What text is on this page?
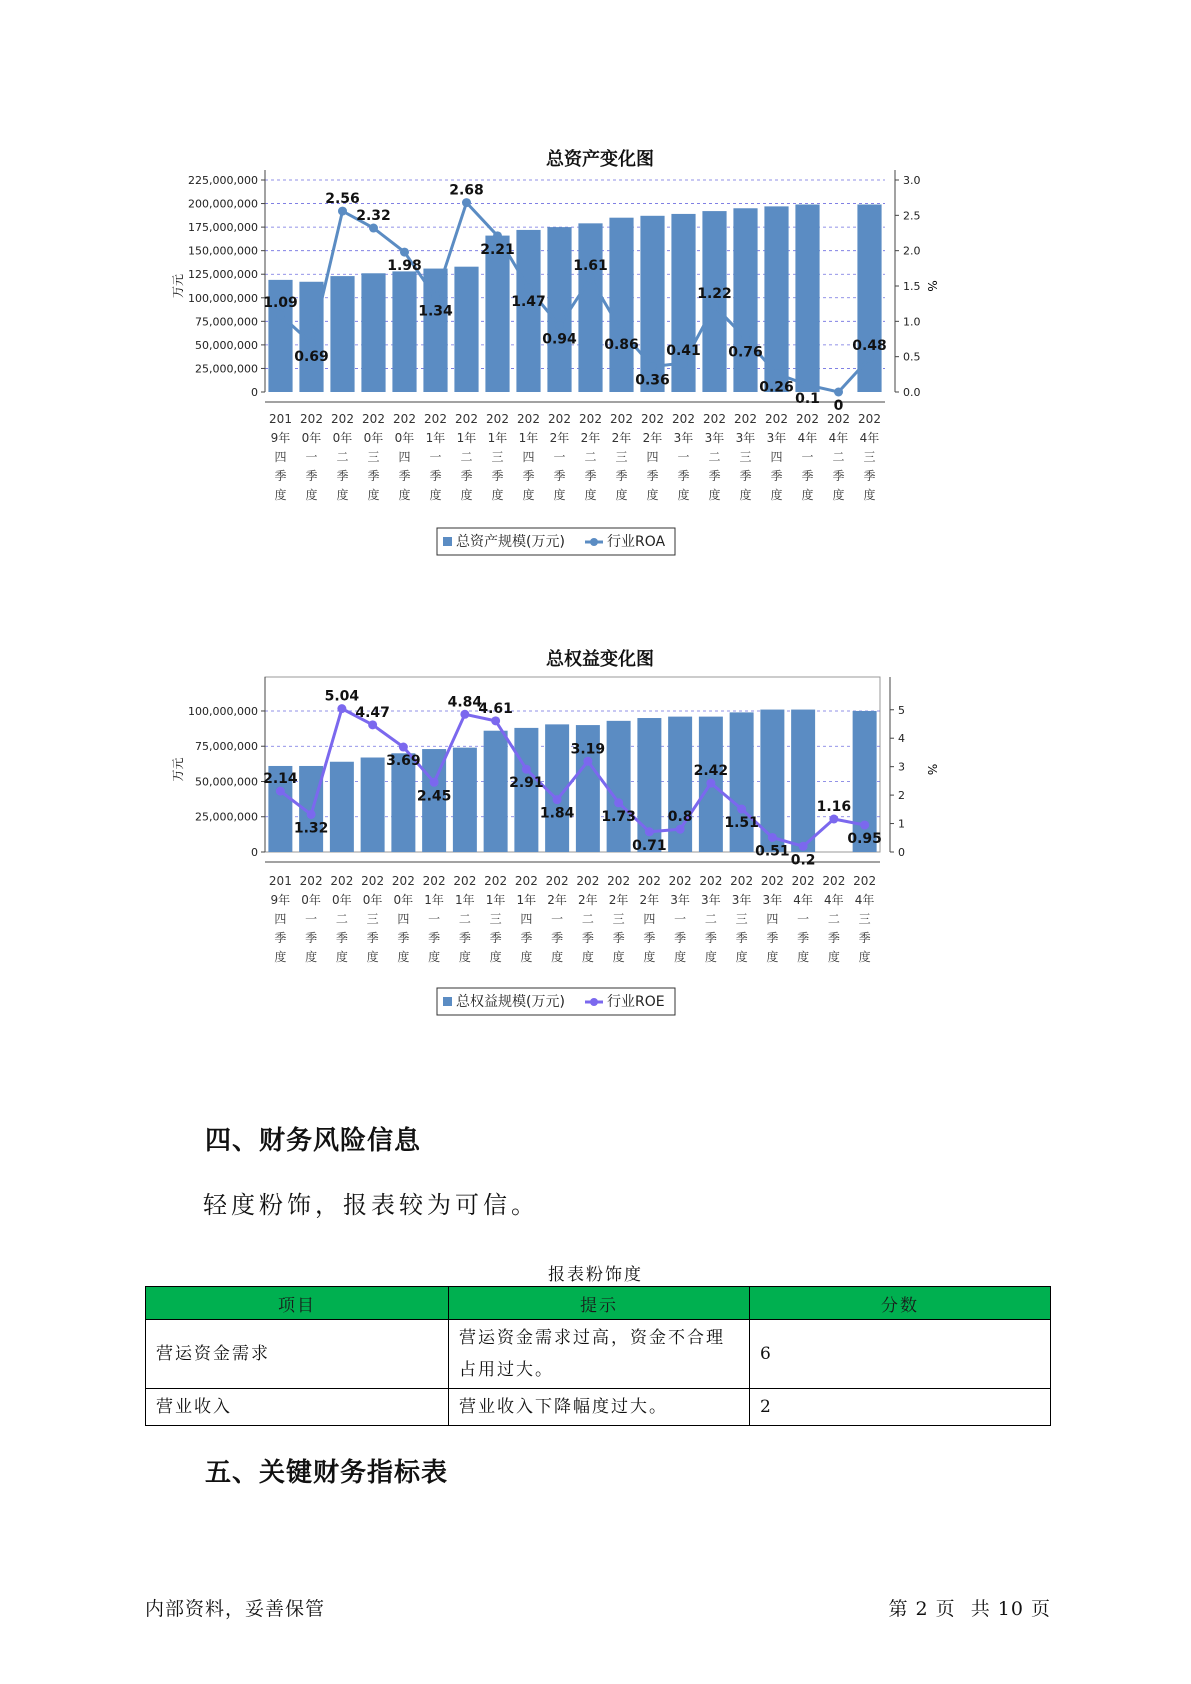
总资产变化图
0
25,000,000
50,000,000
75,000,000
100,000,000
125,000,000
150,000,000
175,000,000
200,000,000
225,000,000
0.0
0.5
1.0
1.5
2.0
2.5
3.0
万元	%
1.09
0.69
2.56
2.32
1.98
1.34
2.68
2.21
1.47
0.94
1.61
0.86
0.36
0.41
1.22
0.76
0.26
0.1 0
0.48
201
9年
四
季
度
202
0年
一
季
度
202
0年
二
季
度
202
0年
三
季
度
202
0年
四
季
度
202
1年
一
季
度
202
1年
二
季
度
202
1年
三
季
度
202
1年
四
季
度
202
2年
一
季
度
202
2年
二
季
度
202
2年
三
季
度
202
2年
四
季
度
202
3年
一
季
度
202
3年
二
季
度
202
3年
三
季
度
202
3年
四
季
度
202
4年
一
季
度
202
4年
二
季
度
202
4年
三
季
度
总资产规模(万元)	行业ROA
总权益变化图
0
25,000,000
50,000,000
75,000,000
100,000,000
0
1
2
3
4
5
万元	%
2.14
1.32
5.04
4.47
3.69
2.45
4.84
4.61
2.91
1.84
3.19
1.73
0.71
0.8
2.42
1.51
0.51
0.2
1.16
0.95
201
9年
四
季
度
202
0年
一
季
度
202
0年
二
季
度
202
0年
三
季
度
202
0年
四
季
度
202
1年
一
季
度
202
1年
二
季
度
202
1年
三
季
度
202
1年
四
季
度
202
2年
一
季
度
202
2年
二
季
度
202
2年
三
季
度
202
2年
四
季
度
202
3年
一
季
度
202
3年
二
季
度
202
3年
三
季
度
202
3年
四
季
度
202
4年
一
季
度
202
4年
二
季
度
202
4年
三
季
度
总权益规模(万元)	行业ROE
四、财务风险信息
轻度粉饰，报表较为可信。
报表粉饰度
项目	提示	分数
营运资金需求	营运资金需求过高，资金不合理占用过大。	6
营业收入	营业收入下降幅度过大。	2
五、关键财务指标表
内部资料，妥善保管	第 2 页 共 10 页
